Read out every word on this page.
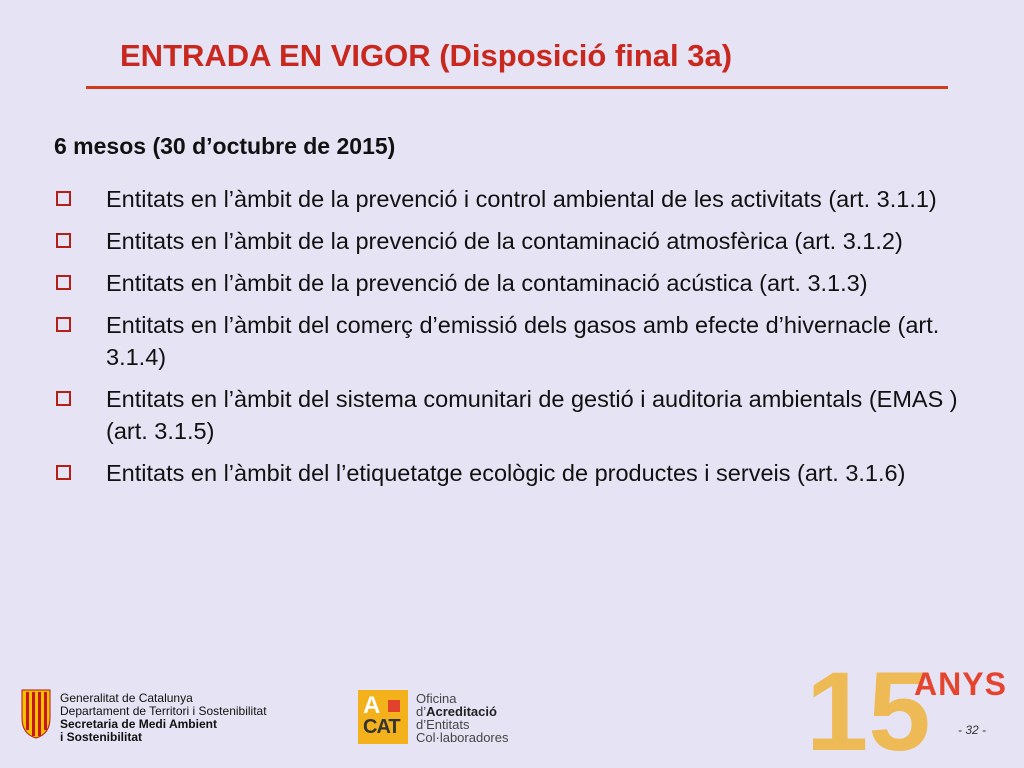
ENTRADA EN VIGOR (Disposició final 3a)
6 mesos (30 d’octubre de 2015)
Entitats en l’àmbit de la prevenció i control ambiental de les activitats (art. 3.1.1)
Entitats en l’àmbit de la prevenció de la contaminació atmosfèrica (art. 3.1.2)
Entitats en l’àmbit de la prevenció de la contaminació acústica (art. 3.1.3)
Entitats en l’àmbit del comerç d’emissió dels gasos amb efecte d’hivernacle (art. 3.1.4)
Entitats en l’àmbit del sistema comunitari de gestió i auditoria ambientals (EMAS ) (art. 3.1.5)
Entitats en l’àmbit del l’etiquetatge ecològic de productes i serveis (art. 3.1.6)
Generalitat de Catalunya
Departament de Territori i Sostenibilitat
Secretaria de Medi Ambient
i Sostenibilitat
A
CAT
Oficina
d’Acreditació
d’Entitats
Col·laboradores	15
ANYS
- 32 -
